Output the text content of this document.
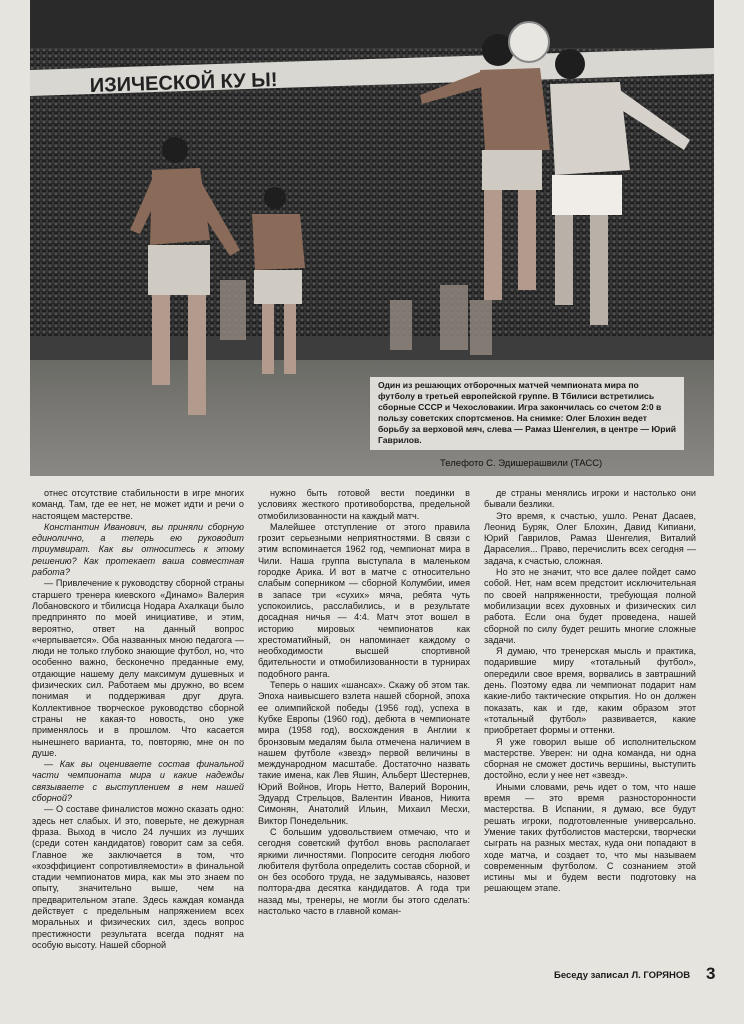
ИЗИЧЕСКОЙ КУ Ы!
Один из решающих отборочных матчей чемпионата мира по футболу в третьей европейской группе. В Тбилиси встретились сборные СССР и Чехословакии. Игра закончилась со счетом 2:0 в пользу советских спортсменов. На снимке: Олег Блохин ведет борьбу за верховой мяч, слева — Рамаз Шенгелия, в центре — Юрий Гаврилов.
Телефото С. Эдишерашвили (ТАСС)

отнес отсутствие стабильности в игре многих команд. Там, где ее нет, не может идти и речи о настоящем мастерстве.

Константин Иванович, вы приняли сборную единолично, а теперь ею руководит триумвират. Как вы относитесь к этому решению? Как протекает ваша совместная работа?

— Привлечение к руководству сборной страны старшего тренера киевского «Динамо» Валерия Лобановского и тбилисца Нодара Ахалкаци было предпринято по моей инициативе, и этим, вероятно, ответ на данный вопрос «черпывается». Оба названных мною педагога — люди не только глубоко знающие футбол, но, что особенно важно, бесконечно преданные ему, отдающие нашему делу максимум душевных и физических сил. Работаем мы дружно, во всем понимая и поддерживая друг друга. Коллективное творческое руководство сборной страны не какая-то новость, оно уже применялось и в прошлом. Что касается нынешнего варианта, то, повторяю, мне он по душе.

— Как вы оцениваете состав финальной части чемпионата мира и какие надежды связываете с выступлением в нем нашей сборной?

— О составе финалистов можно сказать одно: здесь нет слабых. И это, поверьте, не дежурная фраза. Выход в число 24 лучших из лучших (среди сотен кандидатов) говорит сам за себя. Главное же заключается в том, что «коэффициент сопротивляемости» в финальной стадии чемпионатов мира, как мы это знаем по опыту, значительно выше, чем на предварительном этапе. Здесь каждая команда действует с предельным напряжением всех моральных и физических сил, здесь вопрос престижности результата всегда поднят на особую высоту. Нашей сборной

нужно быть готовой вести поединки в условиях жесткого противоборства, предельной отмобилизованности на каждый матч.

Малейшее отступление от этого правила грозит серьезными неприятностями. В связи с этим вспоминается 1962 год, чемпионат мира в Чили. Наша группа выступала в маленьком городке Арика. И вот в матче с относительно слабым соперником — сборной Колумбии, имея в запасе три «сухих» мяча, ребята чуть успокоились, расслабились, и в результате досадная ничья — 4:4. Матч этот вошел в историю мировых чемпионатов как хрестоматийный, он напоминает каждому о необходимости высшей спортивной бдительности и отмобилизованности в турнирах подобного ранга.

Теперь о наших «шансах». Скажу об этом так. Эпоха наивысшего взлета нашей сборной, эпоха ее олимпийской победы (1956 год), успеха в Кубке Европы (1960 год), дебюта в чемпионате мира (1958 год), восхождения в Англии к бронзовым медалям была отмечена наличием в нашем футболе «звезд» первой величины в международном масштабе. Достаточно назвать такие имена, как Лев Яшин, Альберт Шестернев, Юрий Войнов, Игорь Нетто, Валерий Воронин, Эдуард Стрельцов, Валентин Иванов, Никита Симонян, Анатолий Ильин, Михаил Месхи, Виктор Понедельник.

С большим удовольствием отмечаю, что и сегодня советский футбол вновь располагает яркими личностями. Попросите сегодня любого любителя футбола определить состав сборной, и он без особого труда, не задумываясь, назовет полтора-два десятка кандидатов. А года три назад мы, тренеры, не могли бы этого сделать: настолько часто в главной коман-

де страны менялись игроки и настолько они бывали безлики.

Это время, к счастью, ушло. Ренат Дасаев, Леонид Буряк, Олег Блохин, Давид Кипиани, Юрий Гаврилов, Рамаз Шенгелия, Виталий Дараселия... Право, перечислить всех сегодня — задача, к счастью, сложная.

Но это не значит, что все далее пойдет само собой. Нет, нам всем предстоит исключительная по своей напряженности, требующая полной мобилизации всех духовных и физических сил работа. Если она будет проведена, нашей сборной по силу будет решить многие сложные задачи.

Я думаю, что тренерская мысль и практика, подарившие миру «тотальный футбол», опередили свое время, ворвались в завтрашний день. Поэтому едва ли чемпионат подарит нам какие-либо тактические открытия. Но он должен показать, как и где, каким образом этот «тотальный футбол» развивается, какие приобретает формы и оттенки.

Я уже говорил выше об исполнительском мастерстве. Уверен: ни одна команда, ни одна сборная не сможет достичь вершины, выступить достойно, если у нее нет «звезд».

Иными словами, речь идет о том, что наше время — это время разносторонности мастерства. В Испании, я думаю, все будут решать игроки, подготовленные универсально. Умение таких футболистов мастерски, творчески сыграть на разных местах, куда они попадают в ходе матча, и создает то, что мы называем современным футболом. С сознанием этой истины мы и будем вести подготовку на решающем этапе.

Беседу записал Л. ГОРЯНОВ 3
